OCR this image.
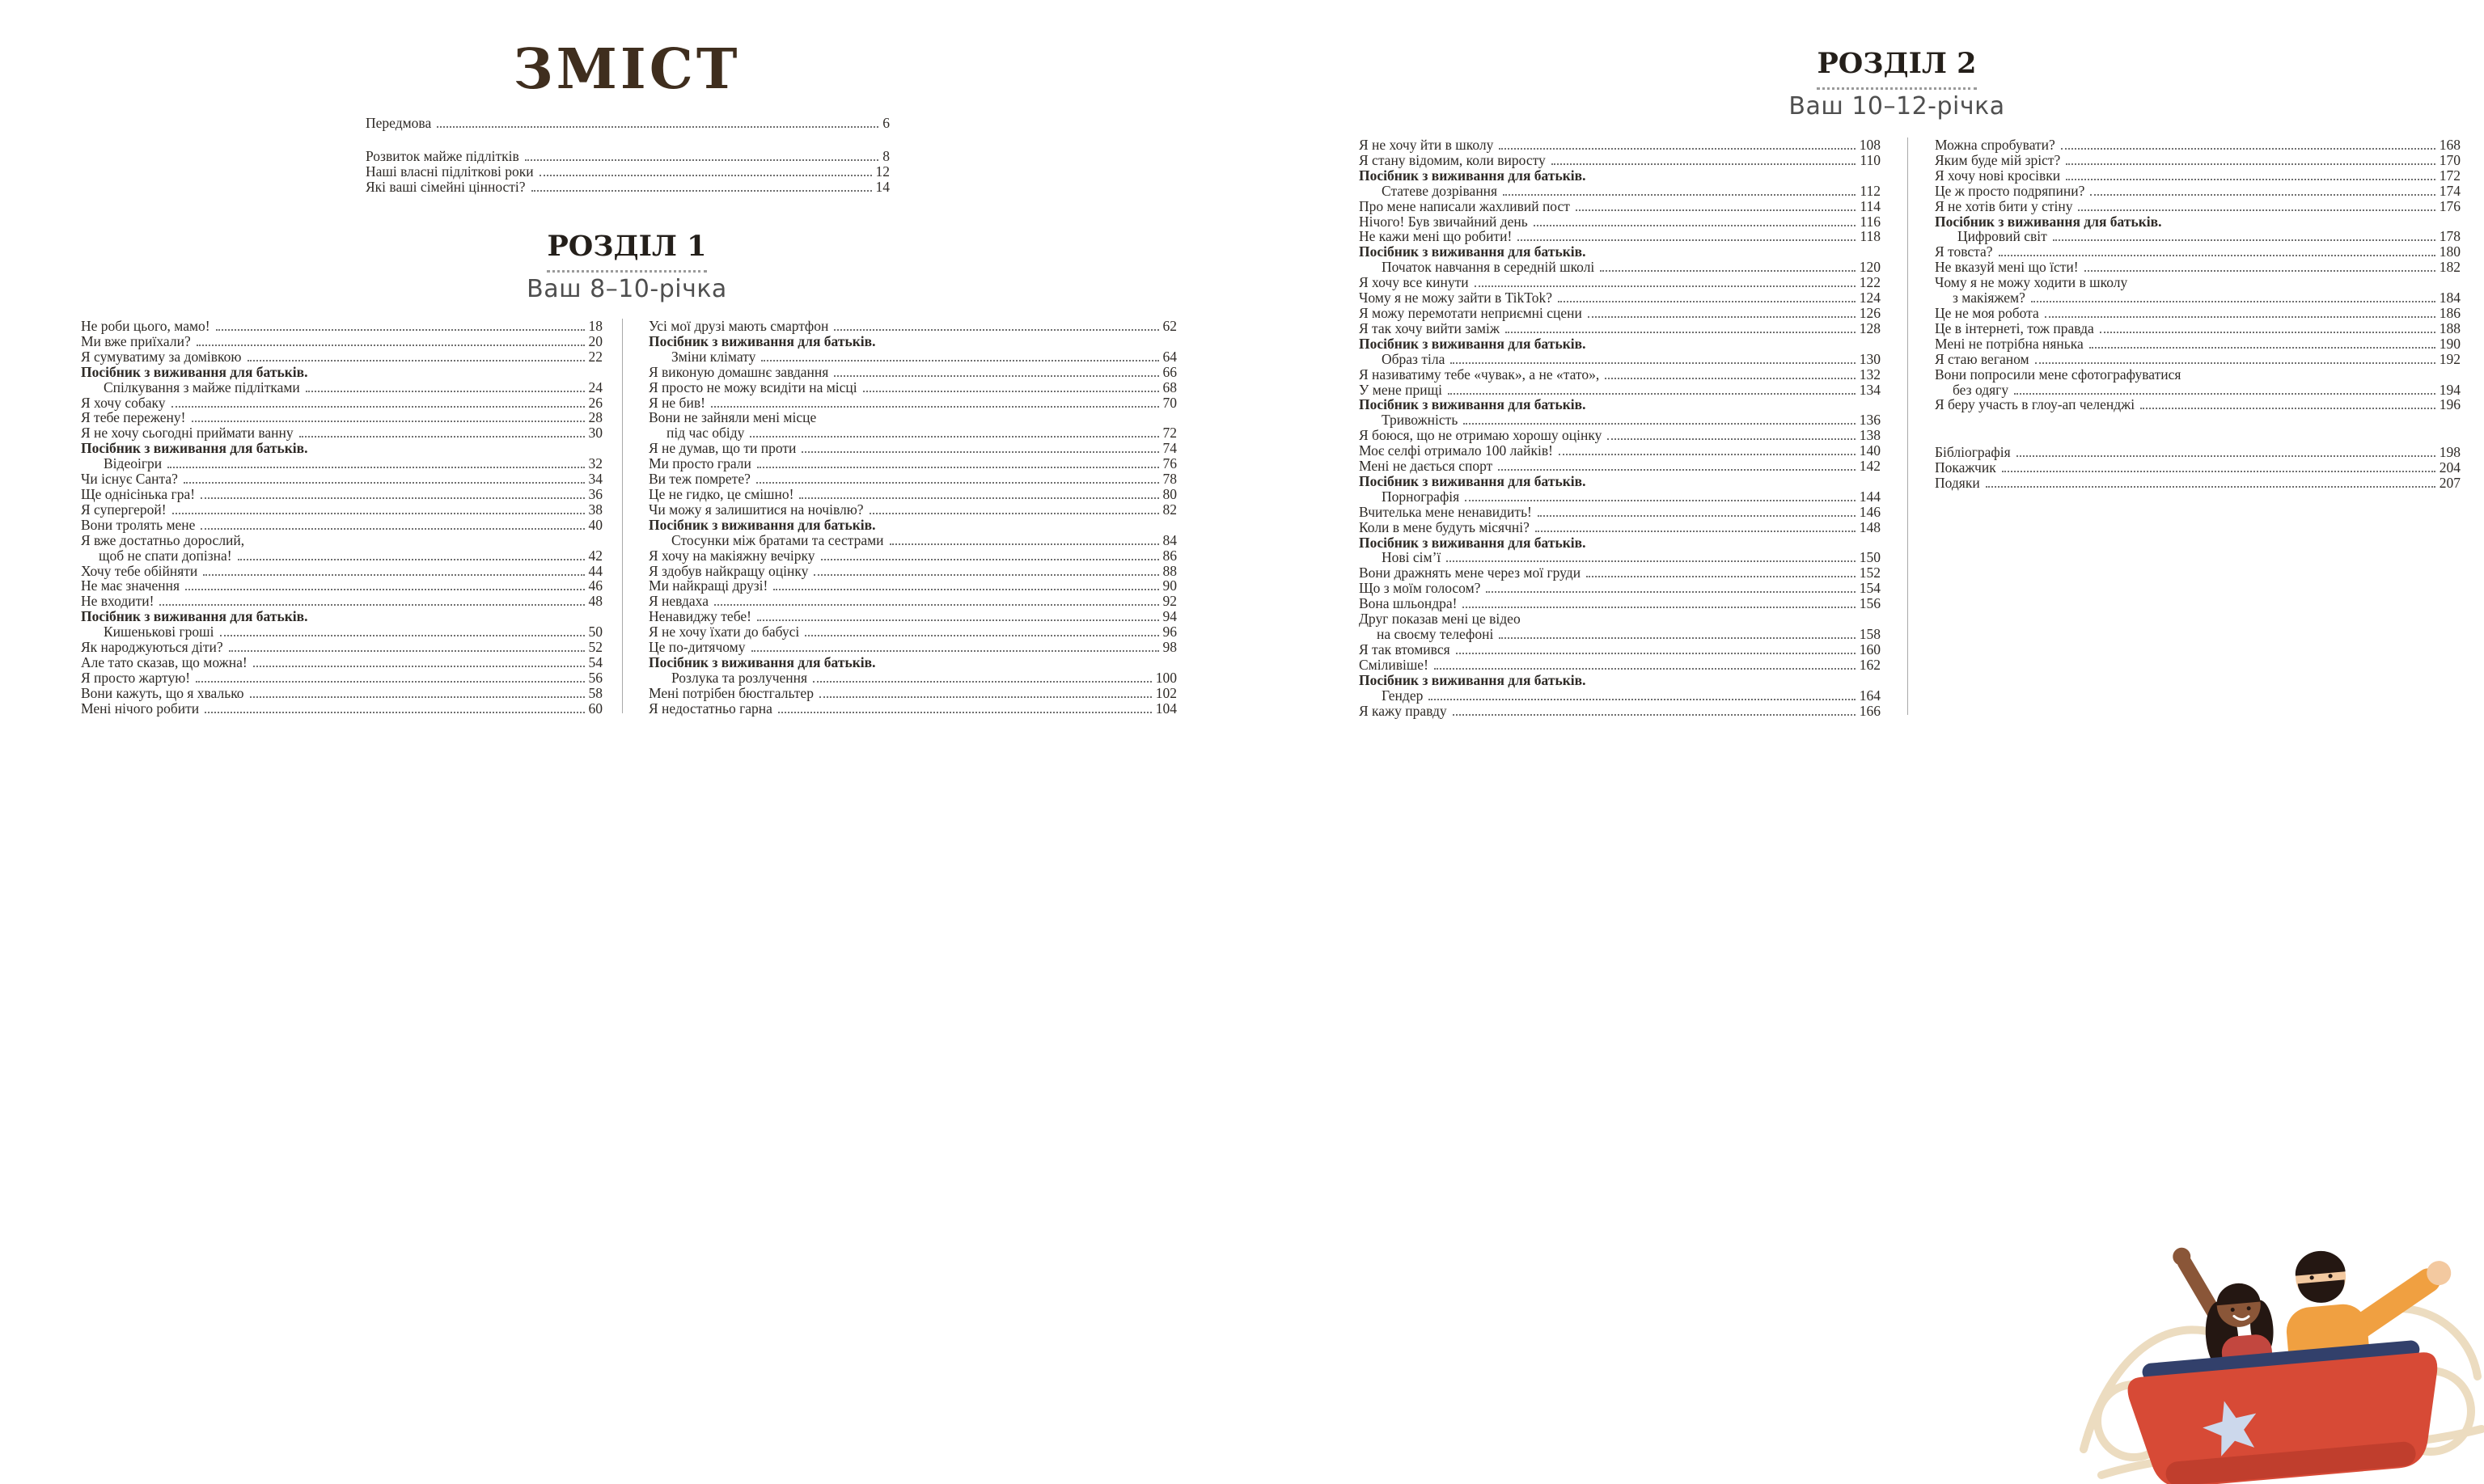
ЗМІСТ
Передмова	6
Розвиток майже підлітків	8
Наші власні підліткові роки	12
Які ваші сімейні цінності?	14
РОЗДІЛ 1
Ваш 8–10-річка
Не роби цього, мамо!	18
Ми вже приїхали?	20
Я сумуватиму за домівкою	22
Посібник з виживання для батьків.
Спілкування з майже підлітками	24
Я хочу собаку	26
Я тебе пережену!	28
Я не хочу сьогодні приймати ванну	30
Посібник з виживання для батьків.
Відеоігри	32
Чи існує Санта?	34
Ще однісінька гра!	36
Я супергерой!	38
Вони тролять мене	40
Я вже достатньо дорослий,
щоб не спати допізна!	42
Хочу тебе обійняти	44
Не має значення	46
Не входити!	48
Посібник з виживання для батьків.
Кишенькові гроші	50
Як народжуються діти?	52
Але тато сказав, що можна!	54
Я просто жартую!	56
Вони кажуть, що я хвалько	58
Мені нічого робити	60
Усі мої друзі мають смартфон	62
Посібник з виживання для батьків.
Зміни клімату	64
Я виконую домашнє завдання	66
Я просто не можу всидіти на місці	68
Я не бив!	70
Вони не зайняли мені місце
під час обіду	72
Я не думав, що ти проти	74
Ми просто грали	76
Ви теж помрете?	78
Це не гидко, це смішно!	80
Чи можу я залишитися на ночівлю?	82
Посібник з виживання для батьків.
Стосунки між братами та сестрами	84
Я хочу на макіяжну вечірку	86
Я здобув найкращу оцінку	88
Ми найкращі друзі!	90
Я невдаха	92
Ненавиджу тебе!	94
Я не хочу їхати до бабусі	96
Це по-дитячому	98
Посібник з виживання для батьків.
Розлука та розлучення	100
Мені потрібен бюстгальтер	102
Я недостатньо гарна	104
РОЗДІЛ 2
Ваш 10–12-річка
Я не хочу йти в школу	108
Я стану відомим, коли виросту	110
Посібник з виживання для батьків.
Статеве дозрівання	112
Про мене написали жахливий пост	114
Нічого! Був звичайний день	116
Не кажи мені що робити!	118
Посібник з виживання для батьків.
Початок навчання в середній школі	120
Я хочу все кинути	122
Чому я не можу зайти в TikTok?	124
Я можу перемотати неприємні сцени	126
Я так хочу вийти заміж	128
Посібник з виживання для батьків.
Образ тіла	130
Я називатиму тебе «чувак», а не «тато»,	132
У мене прищі	134
Посібник з виживання для батьків.
Тривожність	136
Я боюся, що не отримаю хорошу оцінку	138
Моє селфі отримало 100 лайків!	140
Мені не дається спорт	142
Посібник з виживання для батьків.
Порнографія	144
Вчителька мене ненавидить!	146
Коли в мене будуть місячні?	148
Посібник з виживання для батьків.
Нові сім’ї	150
Вони дражнять мене через мої груди	152
Що з моїм голосом?	154
Вона шльондра!	156
Друг показав мені це відео
на своєму телефоні	158
Я так втомився	160
Сміливіше!	162
Посібник з виживання для батьків.
Гендер	164
Я кажу правду	166
Можна спробувати?	168
Яким буде мій зріст?	170
Я хочу нові кросівки	172
Це ж просто подряпини?	174
Я не хотів бити у стіну	176
Посібник з виживання для батьків.
Цифровий світ	178
Я товста?	180
Не вказуй мені що їсти!	182
Чому я не можу ходити в школу
з макіяжем?	184
Це не моя робота	186
Це в інтернеті, тож правда	188
Мені не потрібна нянька	190
Я стаю веганом	192
Вони попросили мене сфотографуватися
без одягу	194
Я беру участь в глоу-ап челенджі	196
Бібліографія	198
Покажчик	204
Подяки	207
